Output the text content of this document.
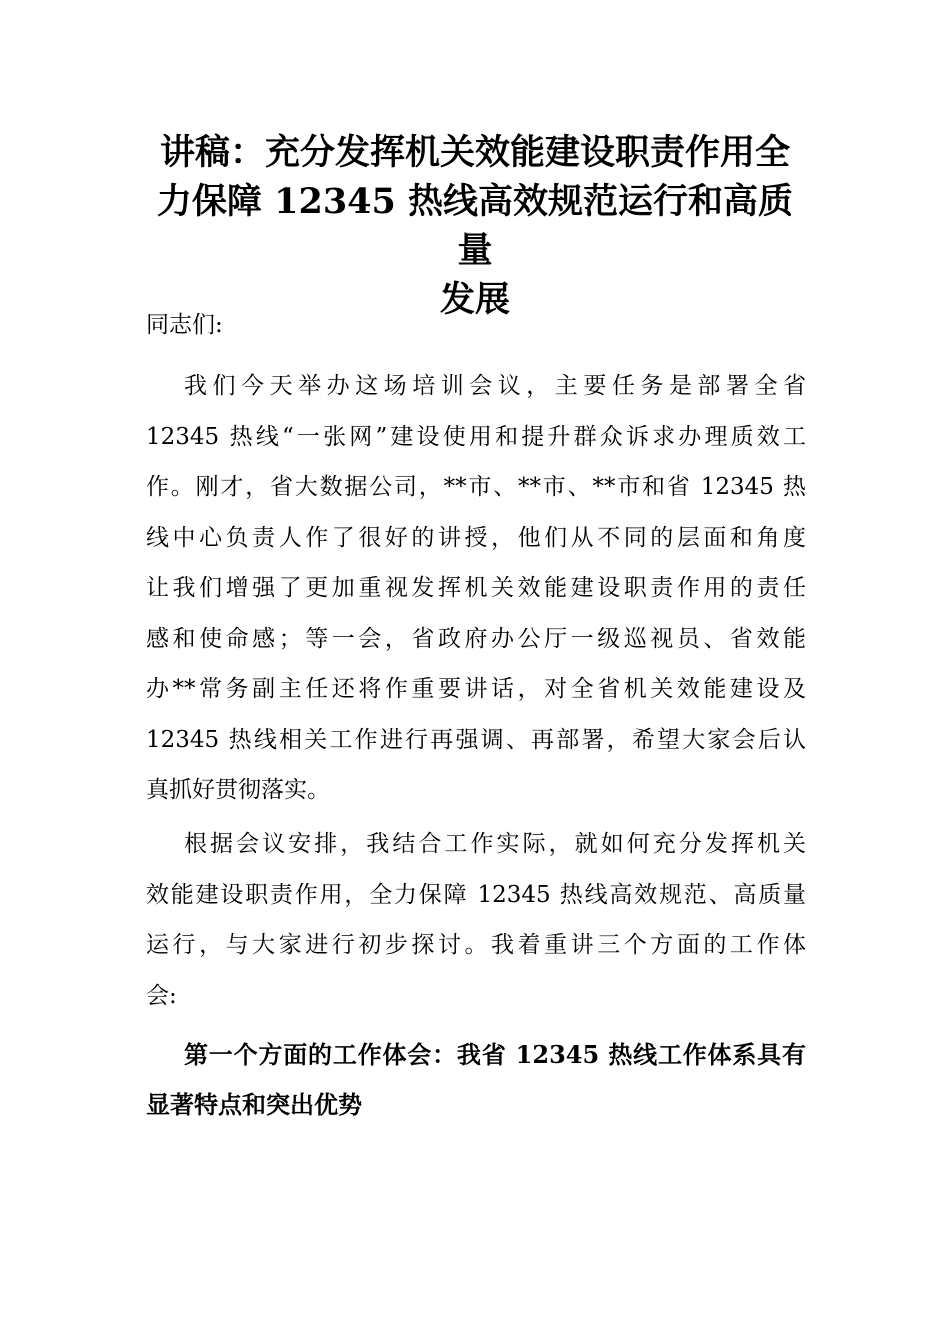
讲稿：充分发挥机关效能建设职责作用全
力保障 12345 热线高效规范运行和高质量
发展

同志们:

我们今天举办这场培训会议，主要任务是部署全省
12345 热线“一张网”建设使用和提升群众诉求办理质效工
作。刚才，省大数据公司，**市、**市、**市和省 12345 热
线中心负责人作了很好的讲授，他们从不同的层面和角度
让我们增强了更加重视发挥机关效能建设职责作用的责任
感和使命感；等一会，省政府办公厅一级巡视员、省效能
办**常务副主任还将作重要讲话，对全省机关效能建设及
12345 热线相关工作进行再强调、再部署，希望大家会后认
真抓好贯彻落实。
根据会议安排，我结合工作实际，就如何充分发挥机关
效能建设职责作用，全力保障 12345 热线高效规范、高质量
运行，与大家进行初步探讨。我着重讲三个方面的工作体
会:
第一个方面的工作体会：我省 12345 热线工作体系具有
显著特点和突出优势
